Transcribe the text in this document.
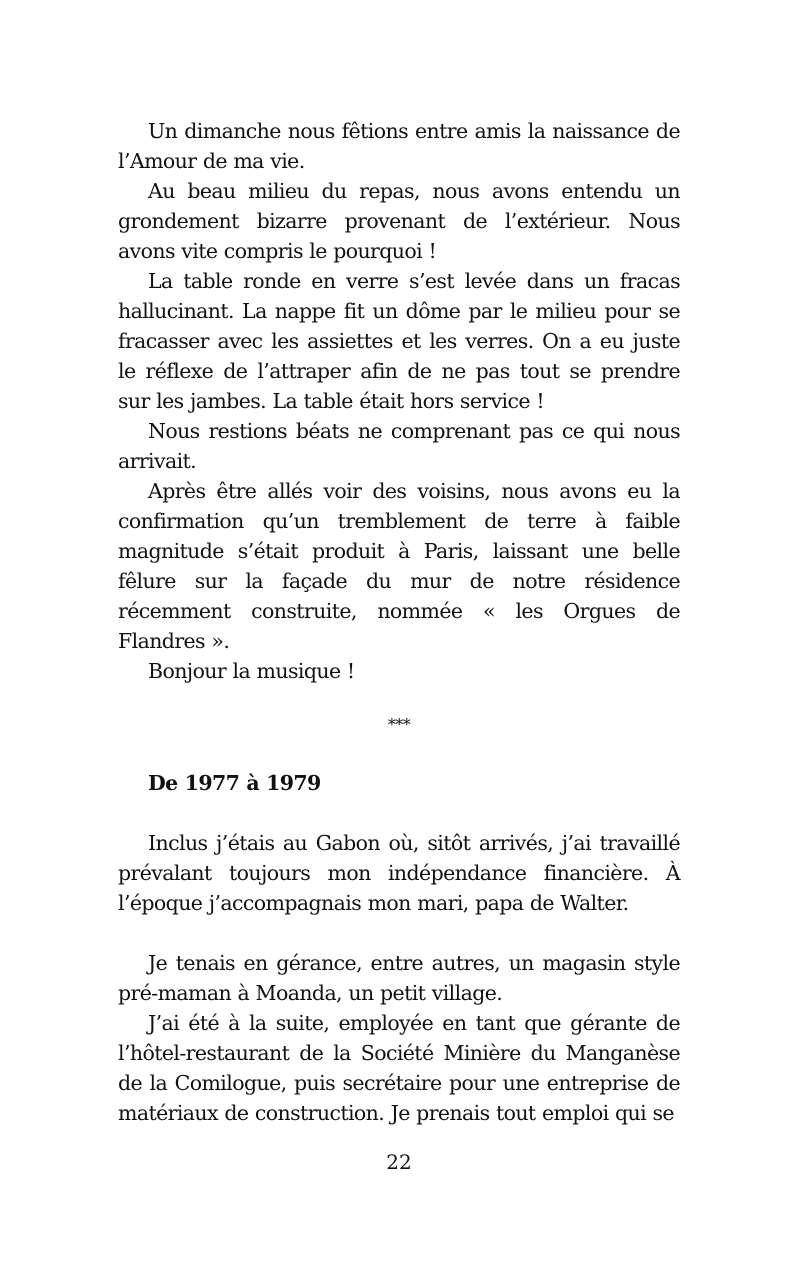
Un dimanche nous fêtions entre amis la naissance de l’Amour de ma vie.

Au beau milieu du repas, nous avons entendu un grondement bizarre provenant de l’extérieur. Nous avons vite compris le pourquoi !

La table ronde en verre s’est levée dans un fracas hallucinant. La nappe fit un dôme par le milieu pour se fracasser avec les assiettes et les verres. On a eu juste le réflexe de l’attraper afin de ne pas tout se prendre sur les jambes. La table était hors service !

Nous restions béats ne comprenant pas ce qui nous arrivait.

Après être allés voir des voisins, nous avons eu la confirmation qu’un tremblement de terre à faible magnitude s’était produit à Paris, laissant une belle fêlure sur la façade du mur de notre résidence récemment construite, nommée « les Orgues de Flandres ».

Bonjour la musique !

***
De 1977 à 1979

Inclus j’étais au Gabon où, sitôt arrivés, j’ai travaillé prévalant toujours mon indépendance financière. À l’époque j’accompagnais mon mari, papa de Walter.

Je tenais en gérance, entre autres, un magasin style pré-maman à Moanda, un petit village.

J’ai été à la suite, employée en tant que gérante de l’hôtel-restaurant de la Société Minière du Manganèse de la Comilogue, puis secrétaire pour une entreprise de matériaux de construction. Je prenais tout emploi qui se

22
